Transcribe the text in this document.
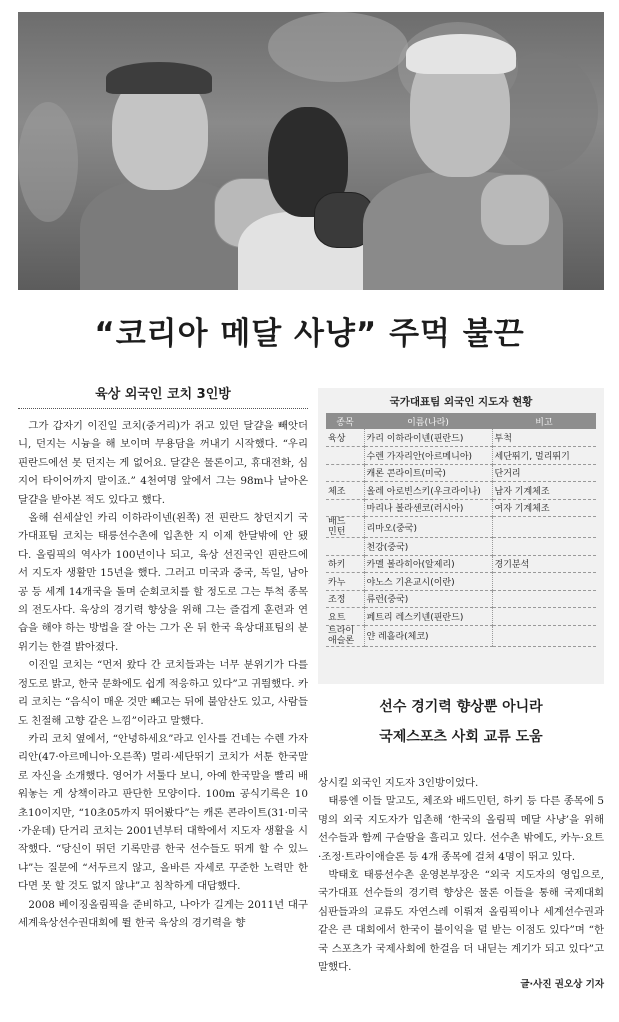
“코리아 메달 사냥” 주먹 불끈
육상 외국인 코치 3인방

그가 갑자기 이진일 코치(중거리)가 쥐고 있던 달걀을 빼앗더니, 던지는 시늉을 해 보이며 무용담을 꺼내기 시작했다. “우리 핀란드에선 못 던지는 게 없어요. 달걀은 물론이고, 휴대전화, 심지어 타이어까지 말이죠.” 4천여명 앞에서 그는 98m나 날아온 달걀을 받아본 적도 있다고 했다.

올해 쉰세살인 카리 이하라이넨(왼쪽) 전 핀란드 창던지기 국가대표팀 코치는 태릉선수촌에 입촌한 지 이제 한달밖에 안 됐다. 올림픽의 역사가 100년이나 되고, 육상 선진국인 핀란드에서 지도자 생활만 15년을 했다. 그러고 미국과 중국, 독일, 남아공 등 세계 14개국을 돌며 순회코치를 할 정도로 그는 투척 종목의 전도사다. 육상의 경기력 향상을 위해 그는 즐겁게 훈련과 연습을 해야 하는 방법을 잘 아는 그가 온 뒤 한국 육상대표팀의 분위기는 한결 밝아졌다.

이진일 코치는 “먼저 왔다 간 코치들과는 너무 분위기가 다를 정도로 밝고, 한국 문화에도 쉽게 적응하고 있다”고 귀띔했다. 카리 코치는 “음식이 매운 것만 빼고는 뒤에 불암산도 있고, 사람들도 친절해 고향 같은 느낌”이라고 말했다.

카리 코치 옆에서, “안녕하세요”라고 인사를 건네는 수렌 가자리안(47·아르메니아·오른쪽) 멀리·세단뛰기 코치가 서툰 한국말로 자신을 소개했다. 영어가 서툴다 보니, 아예 한국말을 빨리 배워놓는 게 상책이라고 판단한 모양이다. 100m 공식기록은 10초10이지만, “10초05까지 뛰어봤다”는 캐론 콘라이트(31·미국·가운데) 단거리 코치는 2001년부터 대학에서 지도자 생활을 시작했다. “당신이 뛰던 기록만큼 한국 선수들도 뛰게 할 수 있느냐”는 질문에 “서두르지 않고, 올바른 자세로 꾸준한 노력만 한다면 못 할 것도 없지 않냐”고 침착하게 대답했다.

2008 베이징올림픽을 준비하고, 나아가 길게는 2011년 대구 세계육상선수권대회에 뛸 한국 육상의 경기력을 향

국가대표팀 외국인 지도자 현황
종목	이름(나라)	비고
육상	카리 이하라이넨(핀란드)	투척
	수렌 가자리안(아르메니아)	세단뛰기, 멀리뛰기
	캐론 콘라이트(미국)	단거리
체조	올레 아로빈스키(우크라이나)	남자 기계체조
	마리나 볼라센코(러시아)	여자 기계체조
배드
민턴	리마오(중국)	
	천강(중국)	
하키	카멜 볼라히아(알제리)	경기분석
카누	야노스 기욘교시(이란)	
조정	류런(중국)	
요트	페트리 레스키넨(핀란드)	
트라이
애슬론	얀 레흘라(체코)	
선수 경기력 향상뿐 아니라
국제스포츠 사회 교류 도움

상시킬 외국인 지도자 3인방이었다.

태릉엔 이들 말고도, 체조와 배드민턴, 하키 등 다른 종목에 5명의 외국 지도자가 입촌해 ‘한국의 올림픽 메달 사냥’을 위해 선수들과 함께 구슬땀을 흘리고 있다. 선수촌 밖에도, 카누·요트·조정·트라이애슬론 등 4개 종목에 걸쳐 4명이 뛰고 있다.

박태호 태릉선수촌 운영본부장은 “외국 지도자의 영입으로, 국가대표 선수들의 경기력 향상은 물론 이들을 통해 국제대회 심판들과의 교류도 자연스레 이뤄져 올림픽이나 세계선수권과 같은 큰 대회에서 한국이 불이익을 덜 받는 이점도 있다”며 “한국 스포츠가 국제사회에 한걸음 더 내딛는 계기가 되고 있다”고 말했다.

글·사진 권오상 기자
